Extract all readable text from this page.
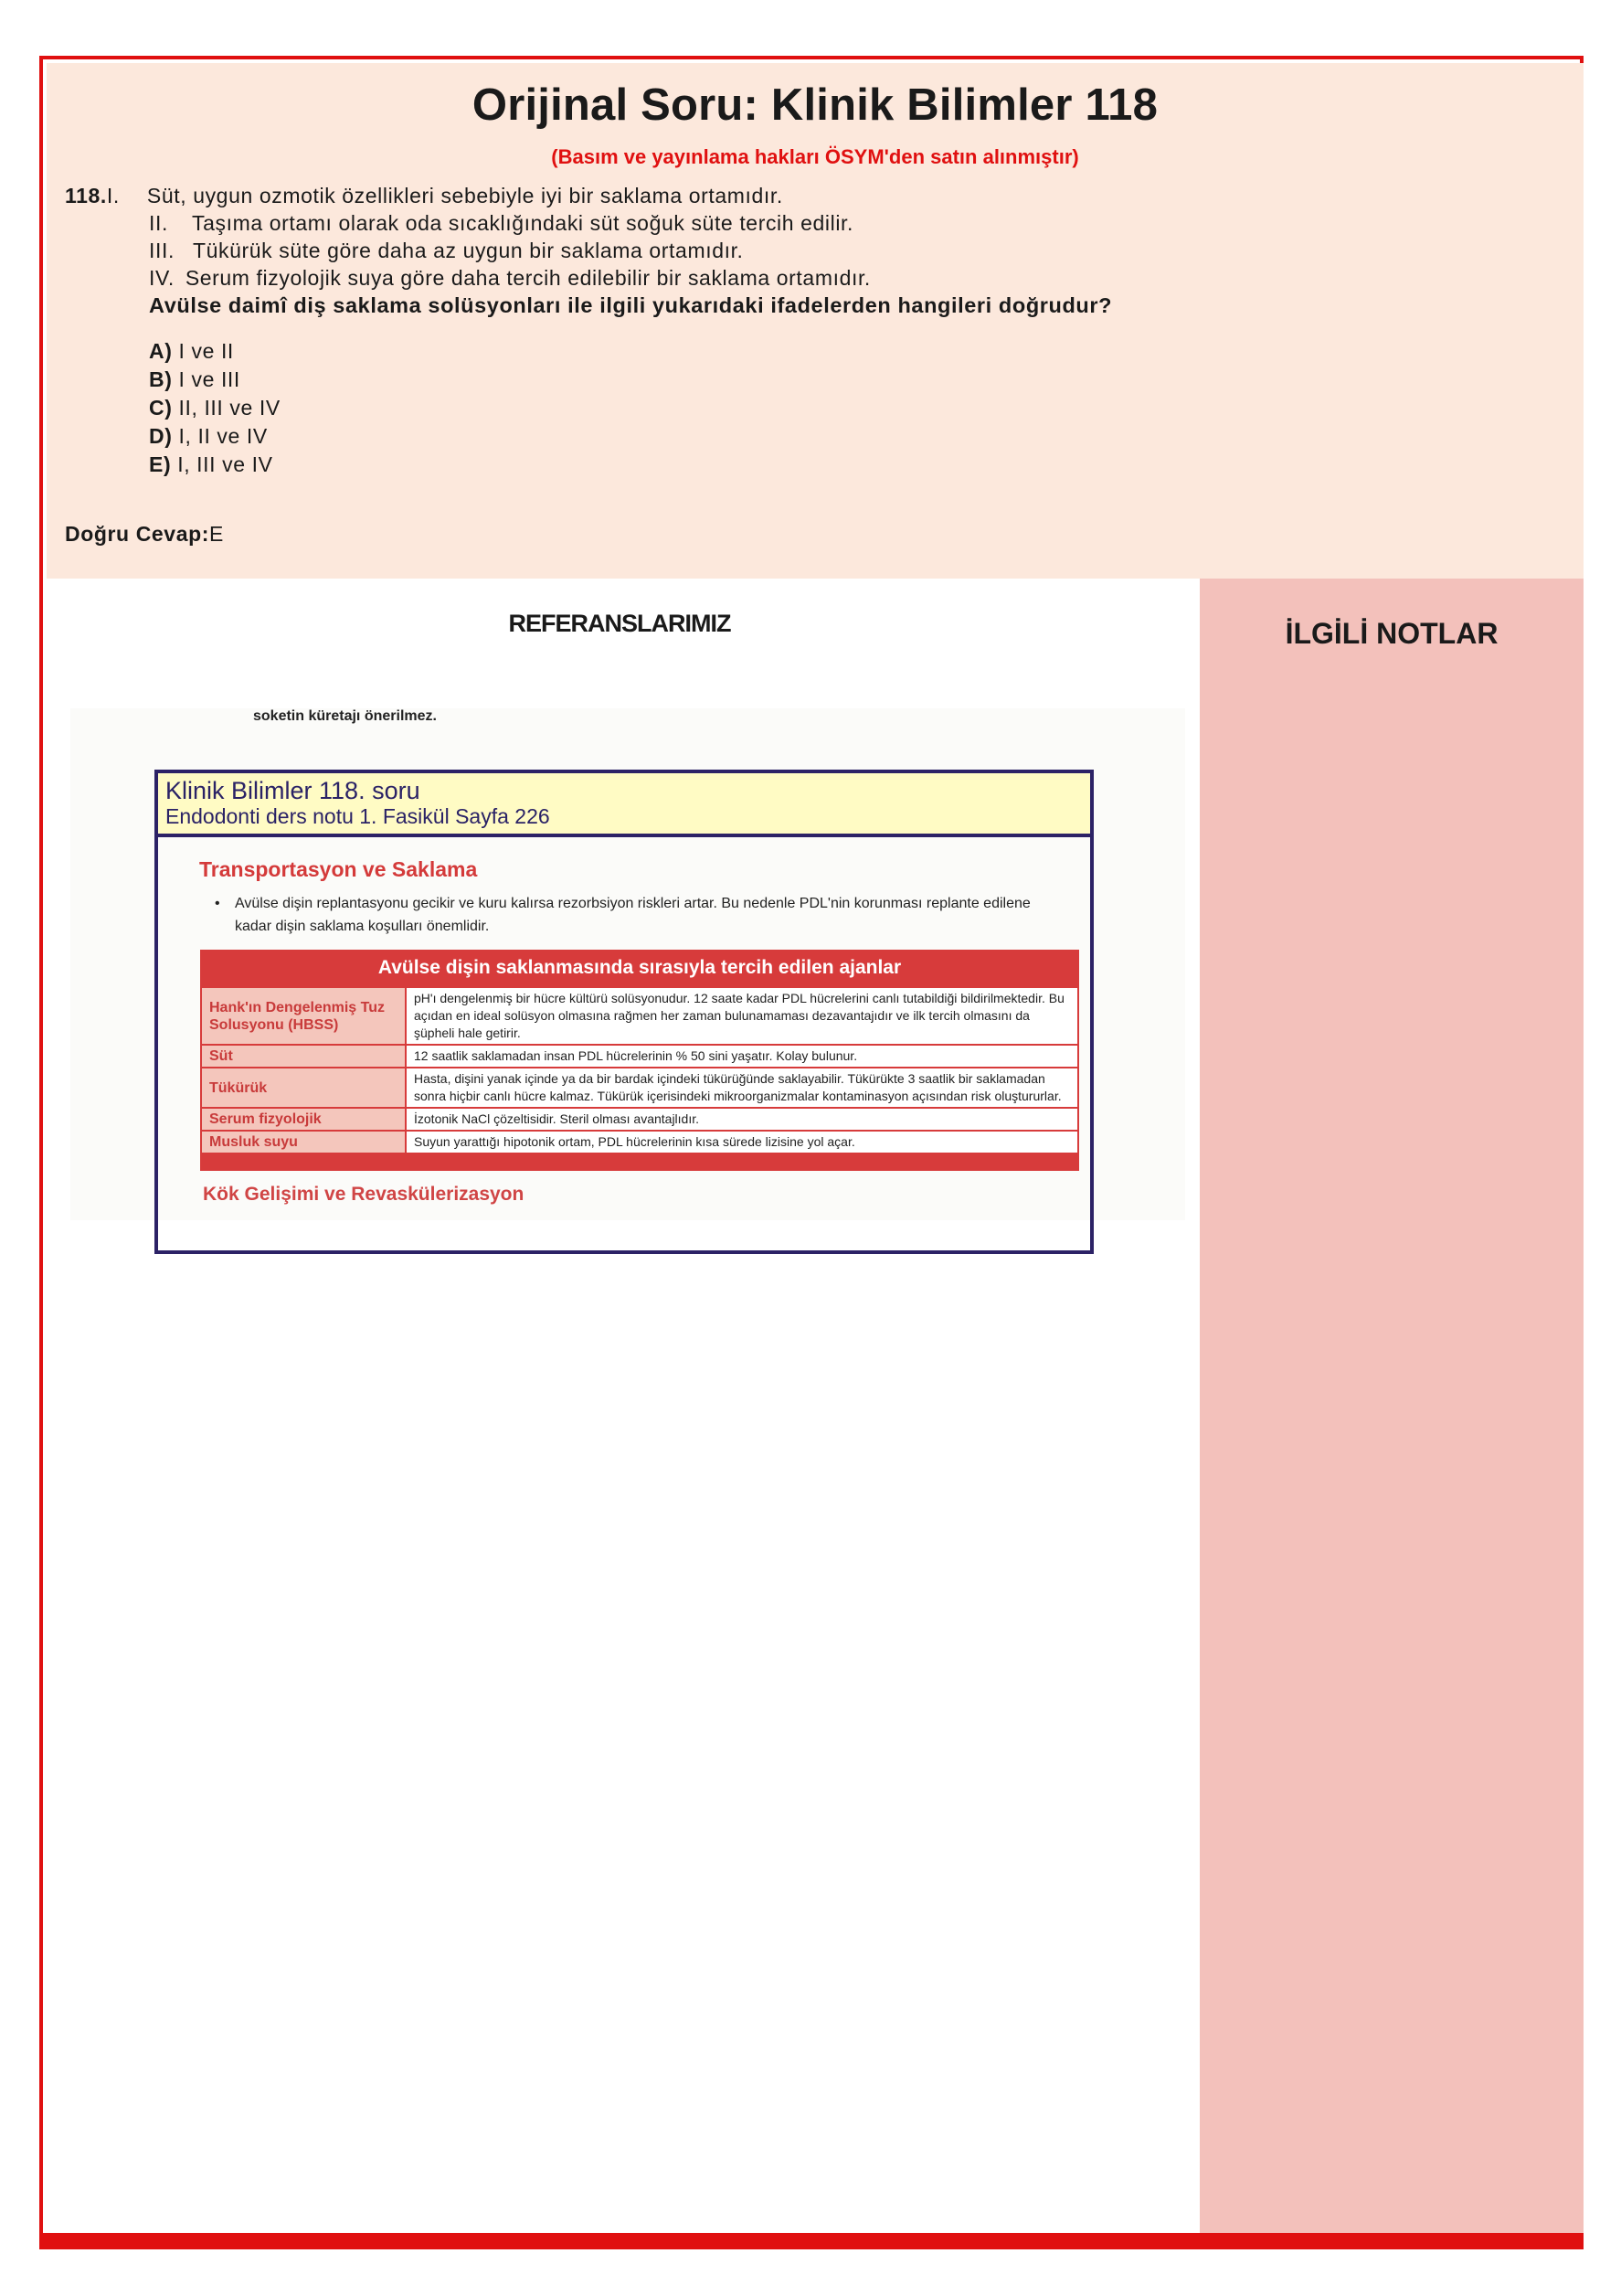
Orijinal Soru: Klinik Bilimler 118
(Basım ve yayınlama hakları ÖSYM'den satın alınmıştır)
118.I. Süt, uygun ozmotik özellikleri sebebiyle iyi bir saklama ortamıdır.
II. Taşıma ortamı olarak oda sıcaklığındaki süt soğuk süte tercih edilir.
III. Tükürük süte göre daha az uygun bir saklama ortamıdır.
IV. Serum fizyolojik suya göre daha tercih edilebilir bir saklama ortamıdır.
Avülse daimî diş saklama solüsyonları ile ilgili yukarıdaki ifadelerden hangileri doğrudur?
A) I ve II
B) I ve III
C) II, III ve IV
D) I, II ve IV
E) I, III ve IV
Doğru Cevap:E
REFERANSLARIMIZ
soketin küretajı önerilmez.
Kök Gelişimi ve Revaskülerizasyon
Klinik Bilimler 118. soru
Endodonti ders notu 1. Fasikül Sayfa 226
Transportasyon ve Saklama
•	Avülse dişin replantasyonu gecikir ve kuru kalırsa rezorbsiyon riskleri artar. Bu nedenle PDL'nin korunması replante edilene kadar dişin saklama koşulları önemlidir.
Avülse dişin saklanmasında sırasıyla tercih edilen ajanlar
Hank'ın Dengelenmiş Tuz Solusyonu (HBSS)	pH'ı dengelenmiş bir hücre kültürü solüsyonudur. 12 saate kadar PDL hücrelerini canlı tutabildiği bildirilmektedir. Bu açıdan en ideal solüsyon olmasına rağmen her zaman bulunamaması dezavantajıdır ve ilk tercih olmasını da şüpheli hale getirir.
Süt	12 saatlik saklamadan insan PDL hücrelerinin % 50 sini yaşatır. Kolay bulunur.
Tükürük	Hasta, dişini yanak içinde ya da bir bardak içindeki tükürüğünde saklayabilir. Tükürükte 3 saatlik bir saklamadan sonra hiçbir canlı hücre kalmaz. Tükürük içerisindeki mikroorganizmalar kontaminasyon açısından risk oluştururlar.
Serum fizyolojik	İzotonik NaCl çözeltisidir. Steril olması avantajlıdır.
Musluk suyu	Suyun yarattığı hipotonik ortam, PDL hücrelerinin kısa sürede lizisine yol açar.
İLGİLİ NOTLAR
